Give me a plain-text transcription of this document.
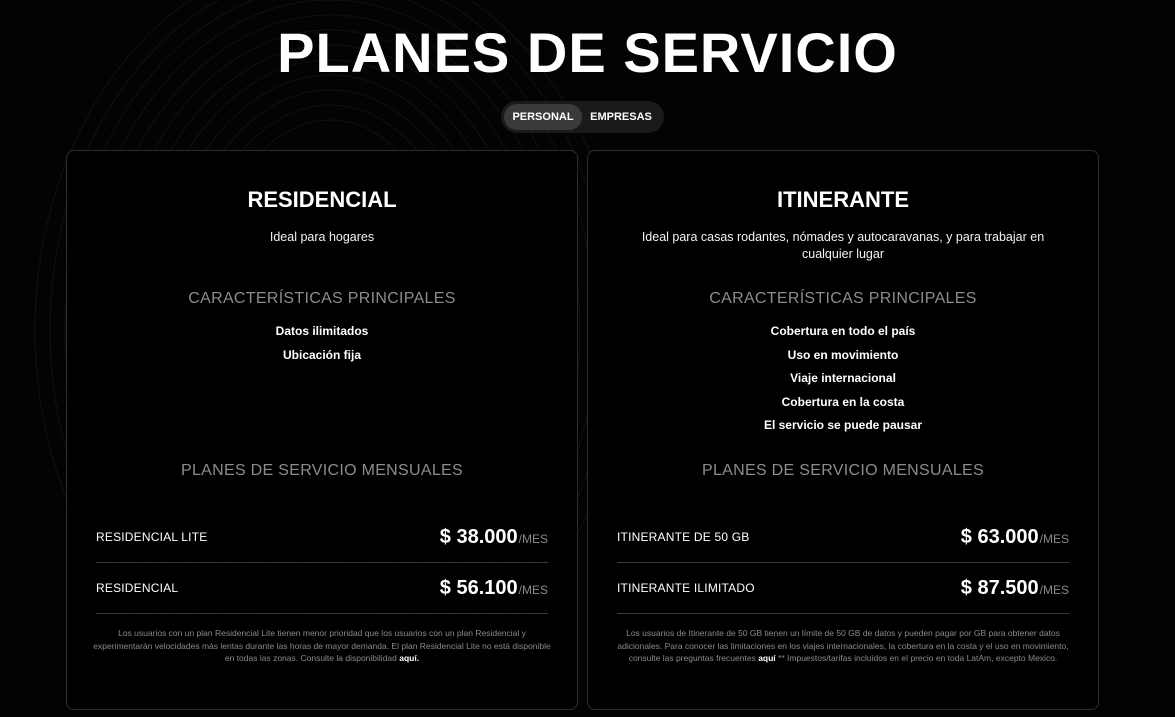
PLANES DE SERVICIO
PERSONAL	EMPRESAS
RESIDENCIAL
Ideal para hogares
CARACTERÍSTICAS PRINCIPALES
Datos ilimitados
Ubicación fija
PLANES DE SERVICIO MENSUALES
RESIDENCIAL LITE	$ 38.000 /MES
RESIDENCIAL	$ 56.100 /MES

Los usuarios con un plan Residencial Lite tienen menor prioridad que los usuarios con un plan Residencial y experimentarán velocidades más lentas durante las horas de mayor demanda. El plan Residencial Lite no está disponible en todas las zonas. Consulte la disponibilidad aquí.

ITINERANTE
Ideal para casas rodantes, nómades y autocaravanas, y para trabajar en cualquier lugar
CARACTERÍSTICAS PRINCIPALES
Cobertura en todo el país
Uso en movimiento
Viaje internacional
Cobertura en la costa
El servicio se puede pausar
PLANES DE SERVICIO MENSUALES
ITINERANTE DE 50 GB	$ 63.000 /MES
ITINERANTE ILIMITADO	$ 87.500 /MES

Los usuarios de Itinerante de 50 GB tienen un límite de 50 GB de datos y pueden pagar por GB para obtener datos adicionales. Para conocer las limitaciones en los viajes internacionales, la cobertura en la costa y el uso en movimiento, consulte las preguntas frecuentes aquí ** Impuestos/tarifas incluidos en el precio en toda LatAm, excepto Mexico.
